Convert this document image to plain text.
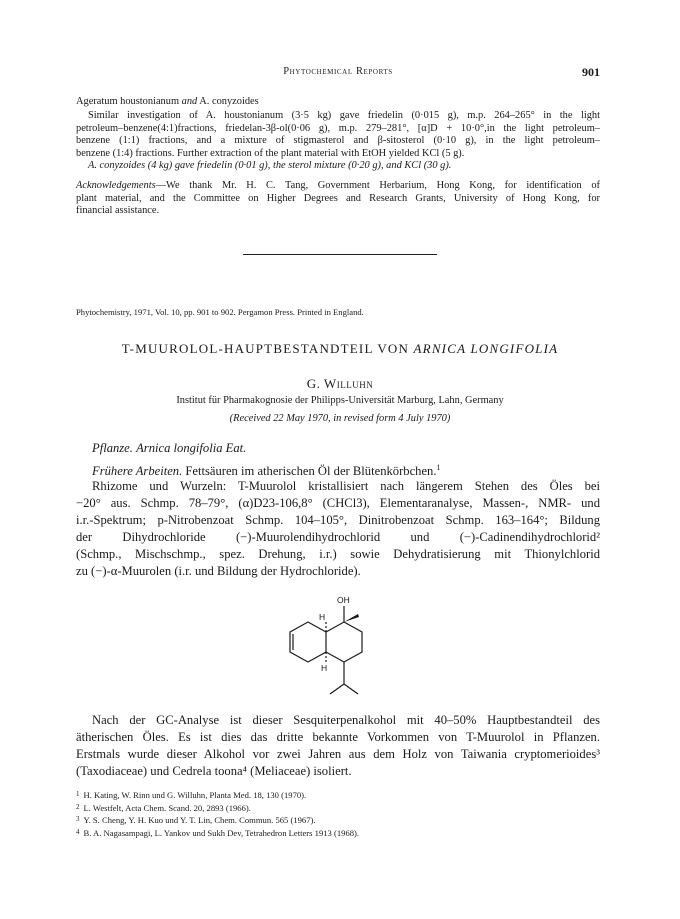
Phytochemical Reports	901
Ageratum houstonianum and A. conyzoides
Similar investigation of A. houstonianum (3·5 kg) gave friedelin (0·015 g), m.p. 264–265° in the light
petroleum–benzene(4:1)fractions, friedelan-3β-ol(0·06 g), m.p. 279–281°, [α]D + 10·0°,in the light petroleum–
benzene (1:1) fractions, and a mixture of stigmasterol and β-sitosterol (0·10 g), in the light petroleum–
benzene (1:4) fractions. Further extraction of the plant material with EtOH yielded KCl (5 g).
A. conyzoides (4 kg) gave friedelin (0·01 g), the sterol mixture (0·20 g), and KCl (30 g).
Acknowledgements—We thank Mr. H. C. Tang, Government Herbarium, Hong Kong, for identification of
plant material, and the Committee on Higher Degrees and Research Grants, University of Hong Kong, for
financial assistance.
Phytochemistry, 1971, Vol. 10, pp. 901 to 902. Pergamon Press. Printed in England.
T-MUUROLOL-HAUPTBESTANDTEIL VON ARNICA LONGIFOLIA
G. Willuhn
Institut für Pharmakognosie der Philipps-Universität Marburg, Lahn, Germany
(Received 22 May 1970, in revised form 4 July 1970)
Pflanze. Arnica longifolia Eat.
Frühere Arbeiten. Fettsäuren im atherischen Öl der Blütenkörbchen.$^1$
Rhizome und Wurzeln: T-Muurolol kristallisiert nach längerem Stehen des Öles bei
−20° aus. Schmp. 78–79°, (α)D23-106,8° (CHCl3), Elementaranalyse, Massen-, NMR- und
i.r.-Spektrum; p-Nitrobenzoat Schmp. 104–105°, Dinitrobenzoat Schmp. 163–164°; Bildung
der Dihydrochloride (−)-Muurolendihydrochlorid und (−)-Cadinendihydrochlorid²
(Schmp., Mischschmp., spez. Drehung, i.r.) sowie Dehydratisierung mit Thionylchlorid
zu (−)-α-Muurolen (i.r. und Bildung der Hydrochloride).
OH
H
H
Nach der GC-Analyse ist dieser Sesquiterpenalkohol mit 40–50% Hauptbestandteil des
ätherischen Öles. Es ist dies das dritte bekannte Vorkommen von T-Muurolol in Pflanzen.
Erstmals wurde dieser Alkohol vor zwei Jahren aus dem Holz von Taiwania cryptomerioides³
(Taxodiaceae) und Cedrela toona⁴ (Meliaceae) isoliert.
$^1$ H. Kating, W. Rinn und G. Willuhn, Planta Med. 18, 130 (1970).
$^2$ L. Westfelt, Acta Chem. Scand. 20, 2893 (1966).
$^3$ Y. S. Cheng, Y. H. Kuo und Y. T. Lin, Chem. Commun. 565 (1967).
$^4$ B. A. Nagasampagi, L. Yankov und Sukh Dev, Tetrahedron Letters 1913 (1968).
